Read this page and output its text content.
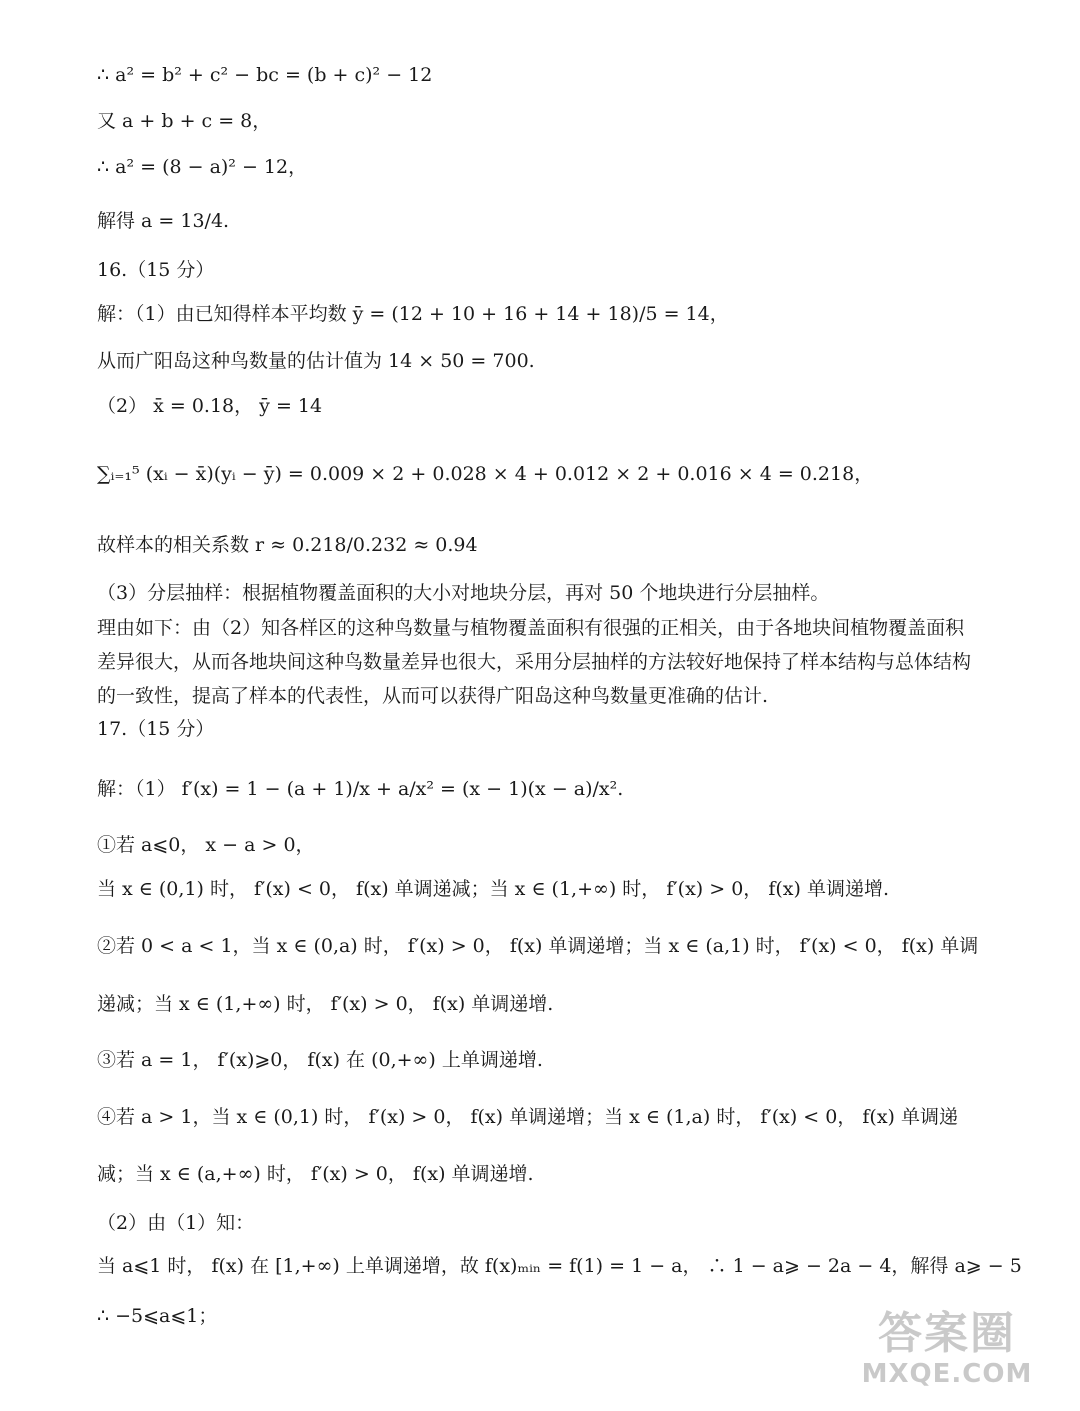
∴ a² = b² + c² − bc = (b + c)² − 12
又 a + b + c = 8，
∴ a² = (8 − a)² − 12，
解得 a = 13/4.
16.（15 分）
解：（1）由已知得样本平均数 ȳ = (12 + 10 + 16 + 14 + 18)/5 = 14，
从而广阳岛这种鸟数量的估计值为 14 × 50 = 700.
（2） x̄ = 0.18， ȳ = 14
∑ᵢ₌₁⁵ (xᵢ − x̄)(yᵢ − ȳ) = 0.009 × 2 + 0.028 × 4 + 0.012 × 2 + 0.016 × 4 = 0.218，
故样本的相关系数 r ≈ 0.218/0.232 ≈ 0.94
（3）分层抽样：根据植物覆盖面积的大小对地块分层，再对 50 个地块进行分层抽样。
理由如下：由（2）知各样区的这种鸟数量与植物覆盖面积有很强的正相关，由于各地块间植物覆盖面积
差异很大，从而各地块间这种鸟数量差异也很大，采用分层抽样的方法较好地保持了样本结构与总体结构
的一致性，提高了样本的代表性，从而可以获得广阳岛这种鸟数量更准确的估计.
17.（15 分）
解：（1） f′(x) = 1 − (a + 1)/x + a/x² = (x − 1)(x − a)/x².
①若 a⩽0， x − a > 0，
当 x ∈ (0,1) 时， f′(x) < 0， f(x) 单调递减；当 x ∈ (1,+∞) 时， f′(x) > 0， f(x) 单调递增.
②若 0 < a < 1，当 x ∈ (0,a) 时， f′(x) > 0， f(x) 单调递增；当 x ∈ (a,1) 时， f′(x) < 0， f(x) 单调
递减；当 x ∈ (1,+∞) 时， f′(x) > 0， f(x) 单调递增.
③若 a = 1， f′(x)⩾0， f(x) 在 (0,+∞) 上单调递增.
④若 a > 1，当 x ∈ (0,1) 时， f′(x) > 0， f(x) 单调递增；当 x ∈ (1,a) 时， f′(x) < 0， f(x) 单调递
减；当 x ∈ (a,+∞) 时， f′(x) > 0， f(x) 单调递增.
（2）由（1）知：
当 a⩽1 时， f(x) 在 [1,+∞) 上单调递增，故 f(x)ₘᵢₙ = f(1) = 1 − a， ∴ 1 − a⩾ − 2a − 4，解得 a⩾ − 5
∴ −5⩽a⩽1；	答案圈
MXQE.COM
